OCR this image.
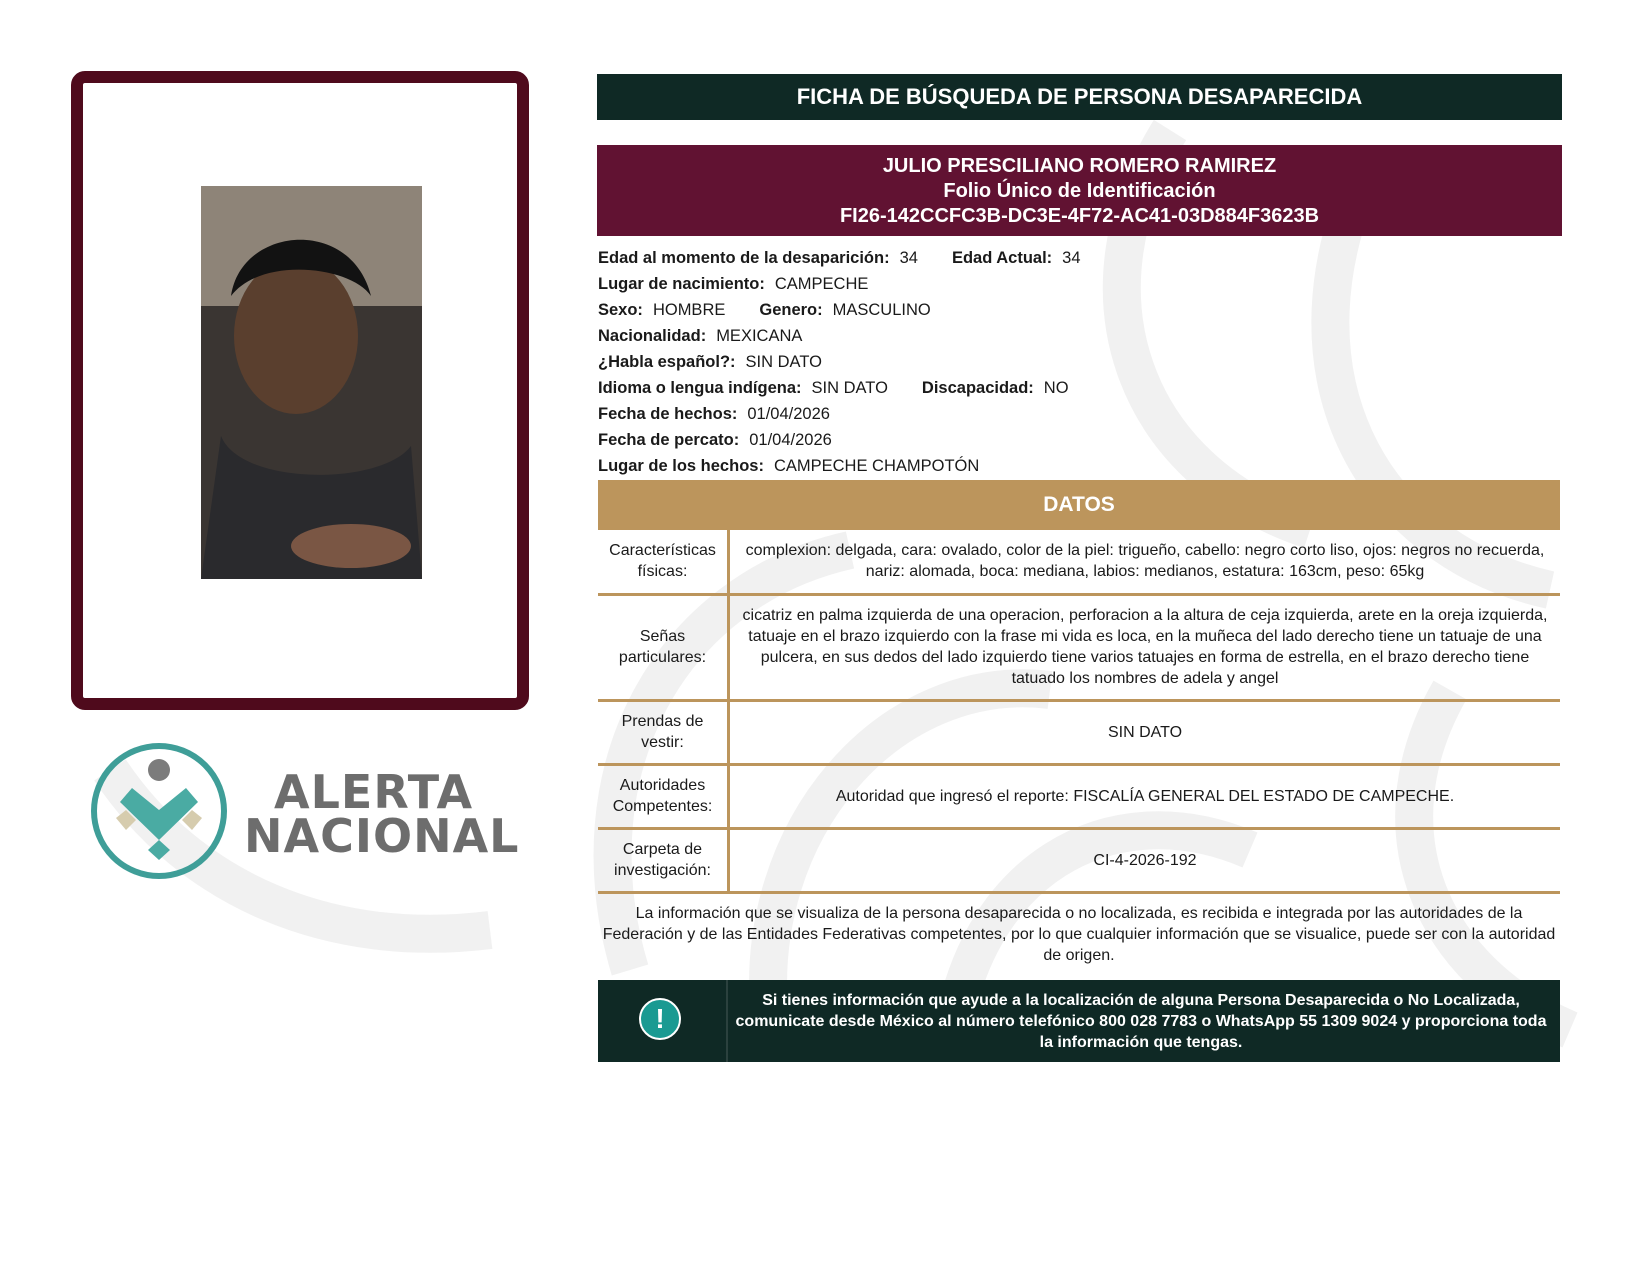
ALERTA
NACIONAL
FICHA DE BÚSQUEDA DE PERSONA DESAPARECIDA
JULIO PRESCILIANO ROMERO RAMIREZ
Folio Único de Identificación
FI26-142CCFC3B-DC3E-4F72-AC41-03D884F3623B
Edad al momento de la desaparición: 34 Edad Actual: 34
Lugar de nacimiento: CAMPECHE
Sexo: HOMBRE Genero: MASCULINO
Nacionalidad: MEXICANA
¿Habla español?: SIN DATO
Idioma o lengua indígena: SIN DATO Discapacidad: NO
Fecha de hechos: 01/04/2026
Fecha de percato: 01/04/2026
Lugar de los hechos: CAMPECHE CHAMPOTÓN
DATOS
Características físicas:	complexion: delgada, cara: ovalado, color de la piel: trigueño, cabello: negro corto liso, ojos: negros no recuerda, nariz: alomada, boca: mediana, labios: medianos, estatura: 163cm, peso: 65kg
Señas particulares:	cicatriz en palma izquierda de una operacion, perforacion a la altura de ceja izquierda, arete en la oreja izquierda, tatuaje en el brazo izquierdo con la frase mi vida es loca, en la muñeca del lado derecho tiene un tatuaje de una pulcera, en sus dedos del lado izquierdo tiene varios tatuajes en forma de estrella, en el brazo derecho tiene tatuado los nombres de adela y angel
Prendas de vestir:	SIN DATO
Autoridades Competentes:	Autoridad que ingresó el reporte: FISCALÍA GENERAL DEL ESTADO DE CAMPECHE.
Carpeta de investigación:	CI-4-2026-192
La información que se visualiza de la persona desaparecida o no localizada, es recibida e integrada por las autoridades de la Federación y de las Entidades Federativas competentes, por lo que cualquier información que se visualice, puede ser con la autoridad de origen.
!
Si tienes información que ayude a la localización de alguna Persona Desaparecida o No Localizada, comunicate desde México al número telefónico 800 028 7783 o WhatsApp 55 1309 9024 y proporciona toda la información que tengas.
